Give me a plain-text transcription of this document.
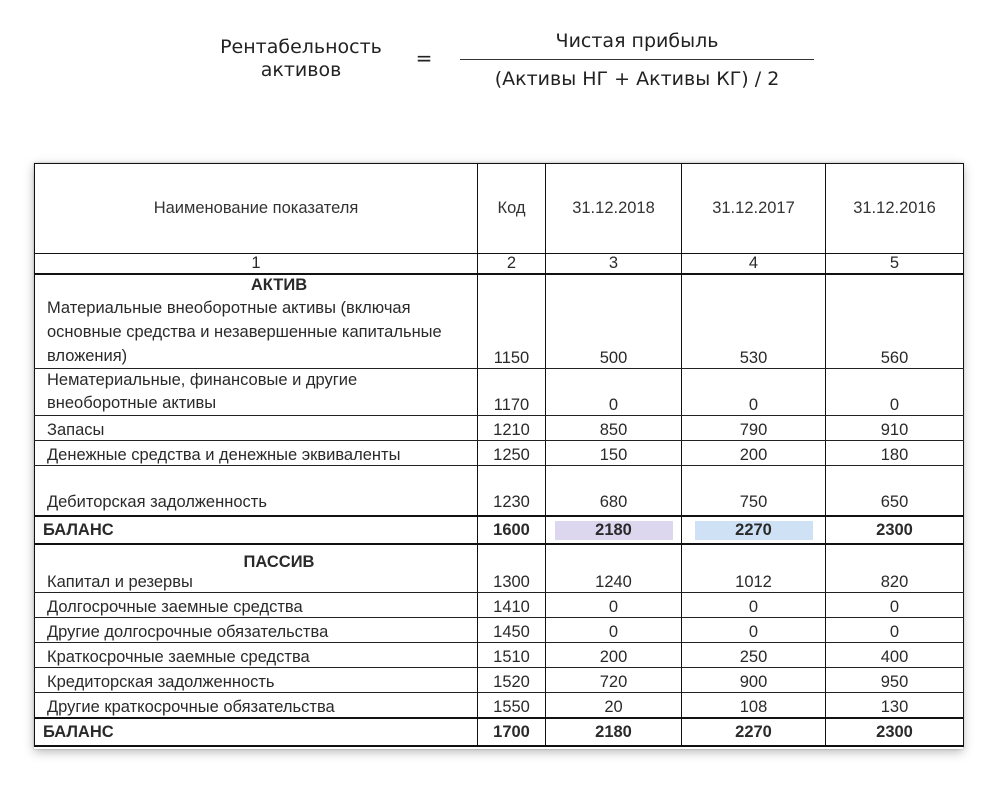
Рентабельность
активов	=
Чистая прибыль
(Активы НГ + Активы КГ) / 2
Наименование показателя	Код	31.12.2018	31.12.2017	31.12.2016
1	2	3	4	5

АКТИВ
Материальные внеоборотные активы (включая основные средства и незавершенные капитальные вложения)	1150	500	530	560

Нематериальные, финансовые и другие внеоборотные активы	1170	0	0	0
Запасы	1210	850	790	910
Денежные средства и денежные эквиваленты	1250	150	200	180
Дебиторская задолженность	1230	680	750	650
БАЛАНС	1600	2180	2270	2300

ПАССИВ
Капитал и резервы	1300	1240	1012	820
Долгосрочные заемные средства	1410	0	0	0
Другие долгосрочные обязательства	1450	0	0	0
Краткосрочные заемные средства	1510	200	250	400
Кредиторская задолженность	1520	720	900	950
Другие краткосрочные обязательства	1550	20	108	130
БАЛАНС	1700	2180	2270	2300
